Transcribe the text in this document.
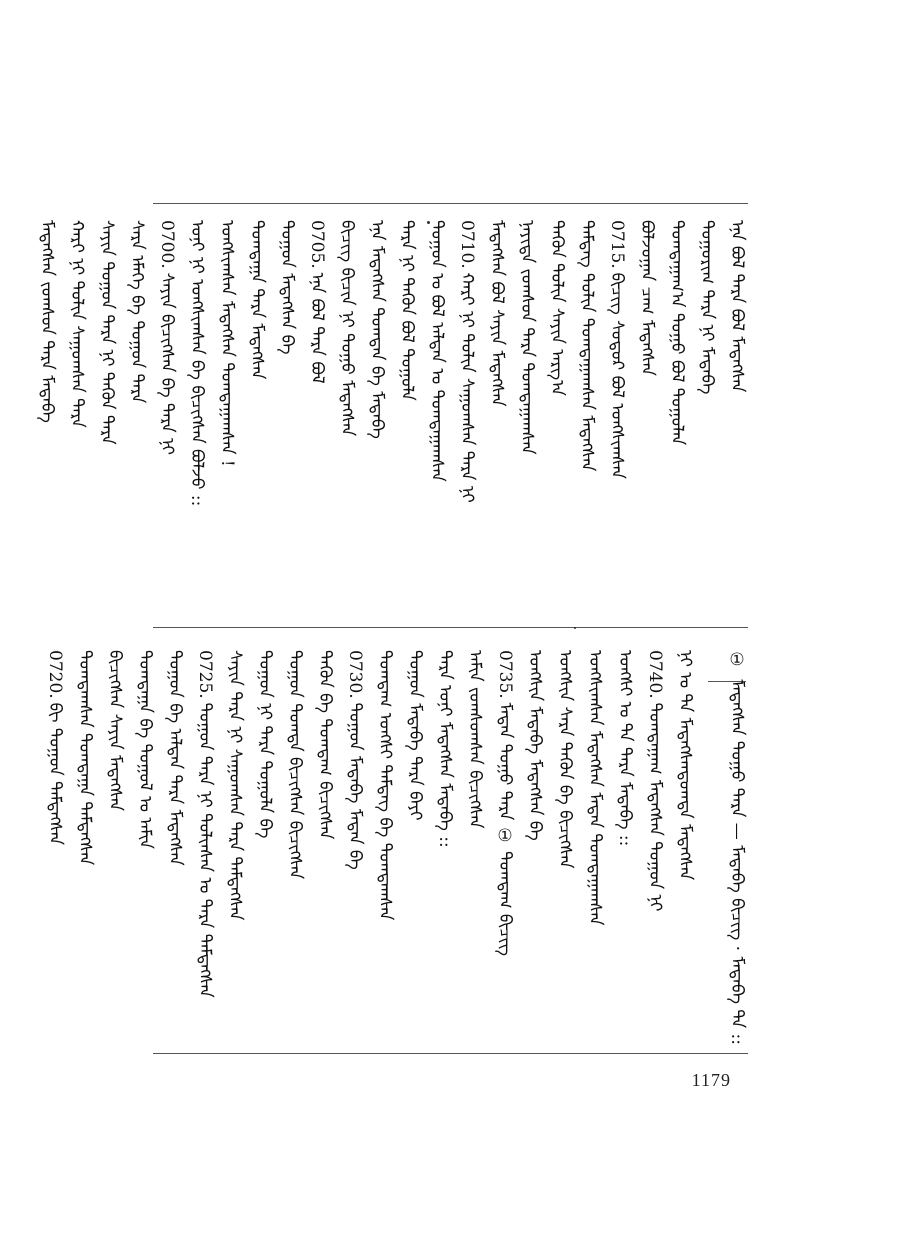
ᠡᠨᠡ ᠪᠣᠯ ᠲᠡᠷᠡ ᠪᠣᠯ ᠮᠡᠳᠡᠭᠰᠡᠨ
ᠲᠣᠭᠣᠷᠢᠭ ᠲᠡᠷᠡ ᠨᠢ ᠮᠡᠳᠡᠪᠡ
ᠲᠣᠭᠲᠠᠭᠠᠭ᠎ᠠ ᠲᠣᠭᠤ ᠪᠣᠯ ᠲᠣᠭᠤᠯᠠᠨ
ᠪᠣᠯᠵᠣᠭᠠᠨ ᠴᠠᠭ ᠮᠡᠳᠡᠭᠰᠡᠨ
0715.ᠪᠢᠴᠢᠭ ᠰᠣᠳᠤᠷ ᠪᠣᠯ ᠤᠩᠰᠢᠭᠰᠠᠨ
ᠲᠡᠮᠳᠡᠭ ᠲᠣᠯᠢᠨ ᠲᠣᠭᠲᠠᠭᠠᠭᠰᠠᠨ ᠮᠡᠳᠡᠭᠰᠡᠨ
ᠲᠡᠭᠦᠨ ᠲᠣᠯᠢᠨ ᠰᠠᠶᠢᠨ ᠠᠷᠭ᠎ᠠ
ᠨᠡᠶᠢᠲᠡ ᠵᠣᠭᠰᠣᠨ ᠲᠡᠷᠡ ᠲᠣᠭᠲᠠᠭᠠᠭᠰᠠᠨ
ᠮᠡᠳᠡᠭᠰᠡᠨ ᠪᠣᠯ ᠰᠠᠶᠢᠨ ᠮᠡᠳᠡᠭᠰᠡᠨ
0710.ᠬᠠᠷᠢ ᠨᠢ ᠲᠣᠯᠢᠨ ᠰᠠᠭᠤᠭᠰᠠᠨ ᠲᠡᠷᠡ ᠨᠢ
ᠲᠣᠭᠣᠨ ᠤ ᠪᠣᠯ ᠠᠯᠲᠠᠨ ᠤ ᠲᠣᠭᠲᠠᠭᠠᠭᠰᠠᠨ
ᠲᠡᠷᠡ ᠨᠢ ᠲᠡᠭᠦᠨ ᠪᠣᠯ ᠲᠣᠭᠤᠯᠠ
ᠡᠨᠡ ᠮᠡᠳᠡᠭᠰᠡᠨ ᠲᠣᠭᠲᠠᠨ ᠪᠡ ᠮᠡᠳᠡᠪᠡ
ᠪᠢᠴᠢᠭ ᠪᠢᠴᠢᠨ ᠨᠢ ᠲᠣᠭᠤ ᠮᠡᠳᠡᠭᠰᠡᠨ
0705.ᠡᠨᠡ ᠪᠣᠯ ᠲᠡᠷᠡ ᠪᠣᠯ
ᠲᠣᠭᠣᠨ ᠮᠡᠳᠡᠭᠰᠡᠨ ᠪᠡ
ᠲᠣᠭᠲᠠᠭᠠ ᠲᠡᠷᠡ ᠮᠡᠳᠡᠭᠰᠡᠨ
ᠤᠩᠰᠢᠭᠰᠠᠨ ᠮᠡᠳᠡᠭᠰᠡᠨ ᠲᠣᠭᠲᠠᠭᠠᠭᠰᠠᠨ !
ᠤᠨᠢ ᠨᠢ ᠤᠩᠰᠢᠭᠰᠠᠨ ᠪᠡ ᠪᠢᠴᠢᠭᠰᠡᠨ ᠪᠣᠯᠵᠣ ::
0700.ᠰᠠᠶᠢᠨ ᠪᠢᠴᠢᠭᠰᠡᠨ ᠪᠡ ᠲᠡᠷᠡ ᠨᠢ
ᠰᠠᠷᠠ ᠡᠮᠡᠭᠡ ᠪᠠ ᠲᠣᠭᠣᠨ ᠲᠡᠷᠡ
ᠰᠠᠶᠢᠨ ᠲᠣᠭᠣᠨ ᠲᠡᠷᠡ ᠨᠢ ᠲᠡᠭᠦᠨ ᠲᠡᠷᠡ
ᠬᠠᠷᠢ ᠨᠢ ᠲᠣᠯᠢᠨ ᠰᠠᠭᠤᠭᠰᠠᠨ ᠲᠡᠷᠡ
ᠮᠡᠳᠡᠭᠰᠡᠨ ᠵᠣᠭᠰᠣᠨ ᠲᠡᠷᠡ ᠮᠡᠳᠡᠪᠡ
① ᠮᠡᠳᠡᠭᠰᠡᠨ ᠲᠣᠭᠤ ᠲᠡᠷᠡ — ᠮᠡᠳᠡᠪᠡ ᠪᠢᠴᠢᠭ · ᠮᠡᠳᠡᠪᠡ ᠲᠡ ::
ᠨᠢ ᠤ ᠲᠡ ᠮᠡᠳᠡᠭᠰᠡᠨᠲᠣᠭᠲᠠ ᠮᠡᠳᠡᠭᠰᠡᠨ
0740.ᠲᠣᠭᠲᠠᠭᠠᠭ ᠮᠡᠳᠡᠭᠰᠡᠨ ᠲᠣᠭᠣᠨ ᠨᠢ
ᠤᠩᠰᠢ ᠤ ᠲᠡ ᠲᠡᠷᠡ ᠮᠡᠳᠡᠪᠡ ::
ᠤᠩᠰᠢᠭᠰᠠᠨ ᠮᠡᠳᠡᠭᠰᠡᠨ ᠮᠡᠳᠡᠨ ᠲᠣᠭᠲᠠᠭᠠᠭᠰᠠᠨ
ᠤᠩᠰᠢᠨ ᠰᠠᠷᠠ ᠲᠡᠭᠦᠨ ᠪᠠ ᠪᠢᠴᠢᠭᠰᠡᠨ
ᠤᠩᠰᠢᠨ ᠮᠡᠳᠡᠪᠡ ᠮᠡᠳᠡᠭᠰᠡᠨ ᠪᠠ
0735.ᠮᠡᠳᠡᠨ ᠲᠣᠭᠤ ᠲᠡᠷᠡ ① ᠲᠣᠭᠲᠠᠭ ᠪᠢᠴᠢᠭ
ᠠᠮᠢᠨ ᠵᠣᠭᠰᠣᠭᠰᠠᠨ ᠪᠢᠴᠢᠭᠰᠡᠨ
ᠲᠡᠷᠡ ᠤᠨᠢ ᠮᠡᠳᠡᠭᠰᠡᠨ ᠮᠡᠳᠡᠪᠡ ::
ᠲᠣᠭᠣᠨ ᠮᠡᠳᠡᠪᠡ ᠲᠡᠷᠡ ᠪᠠᠶᠢ
ᠲᠣᠭᠲᠠᠭ ᠤᠩᠰᠢ ᠲᠡᠮᠳᠡᠭ ᠪᠠ ᠲᠣᠭᠲᠠᠭᠰᠠᠨ
0730.ᠲᠣᠭᠣᠨ ᠮᠡᠳᠡᠪᠡ ᠮᠡᠳᠡᠨ ᠪᠠ
ᠲᠡᠭᠦᠨ ᠪᠡ ᠲᠣᠭᠲᠠᠭ ᠪᠢᠴᠢᠭᠰᠡᠨ
ᠲᠣᠭᠣᠨ ᠲᠣᠭᠲᠠ ᠪᠢᠴᠢᠭᠰᠡᠨ ᠪᠢᠴᠢᠭᠰᠡᠨ
ᠲᠣᠭᠣᠨ ᠨᠢ ᠲᠡᠷᠡ ᠲᠣᠭᠤᠯᠠ ᠪᠡ
ᠰᠠᠶᠢᠨ ᠲᠡᠷᠡ ᠨᠢ ᠰᠠᠭᠤᠭᠰᠠᠨ ᠲᠡᠷᠡ ᠲᠡᠮᠳᠡᠭᠰᠡᠨ
0725.ᠲᠣᠭᠣᠨ ᠲᠡᠷᠡ ᠨᠢ ᠲᠣᠯᠢᠨᠰᠠᠨ ᠤ ᠲᠡᠷᠡ ᠲᠡᠮᠳᠡᠭᠰᠡᠨ
ᠲᠣᠭᠣᠨ ᠪᠠ ᠠᠯᠲᠠᠨ ᠲᠡᠷᠡ ᠮᠡᠳᠡᠭᠰᠡᠨ
ᠲᠣᠭᠲᠠᠭᠠ ᠪᠠ ᠲᠣᠭᠤᠯ ᠤ ᠠᠮᠢᠨ
ᠪᠢᠴᠢᠭᠰᠡᠨ ᠰᠠᠶᠢᠨ ᠮᠡᠳᠡᠭᠰᠡᠨ
ᠲᠣᠭᠲᠠᠭᠰᠠᠨ ᠲᠣᠭᠲᠠᠭᠠ ᠲᠡᠮᠳᠡᠭᠰᠡᠨ
0720.ᠪᠢ ᠲᠣᠭᠣᠨ ᠲᠡᠮᠳᠡᠭᠰᠡᠨ
1179
